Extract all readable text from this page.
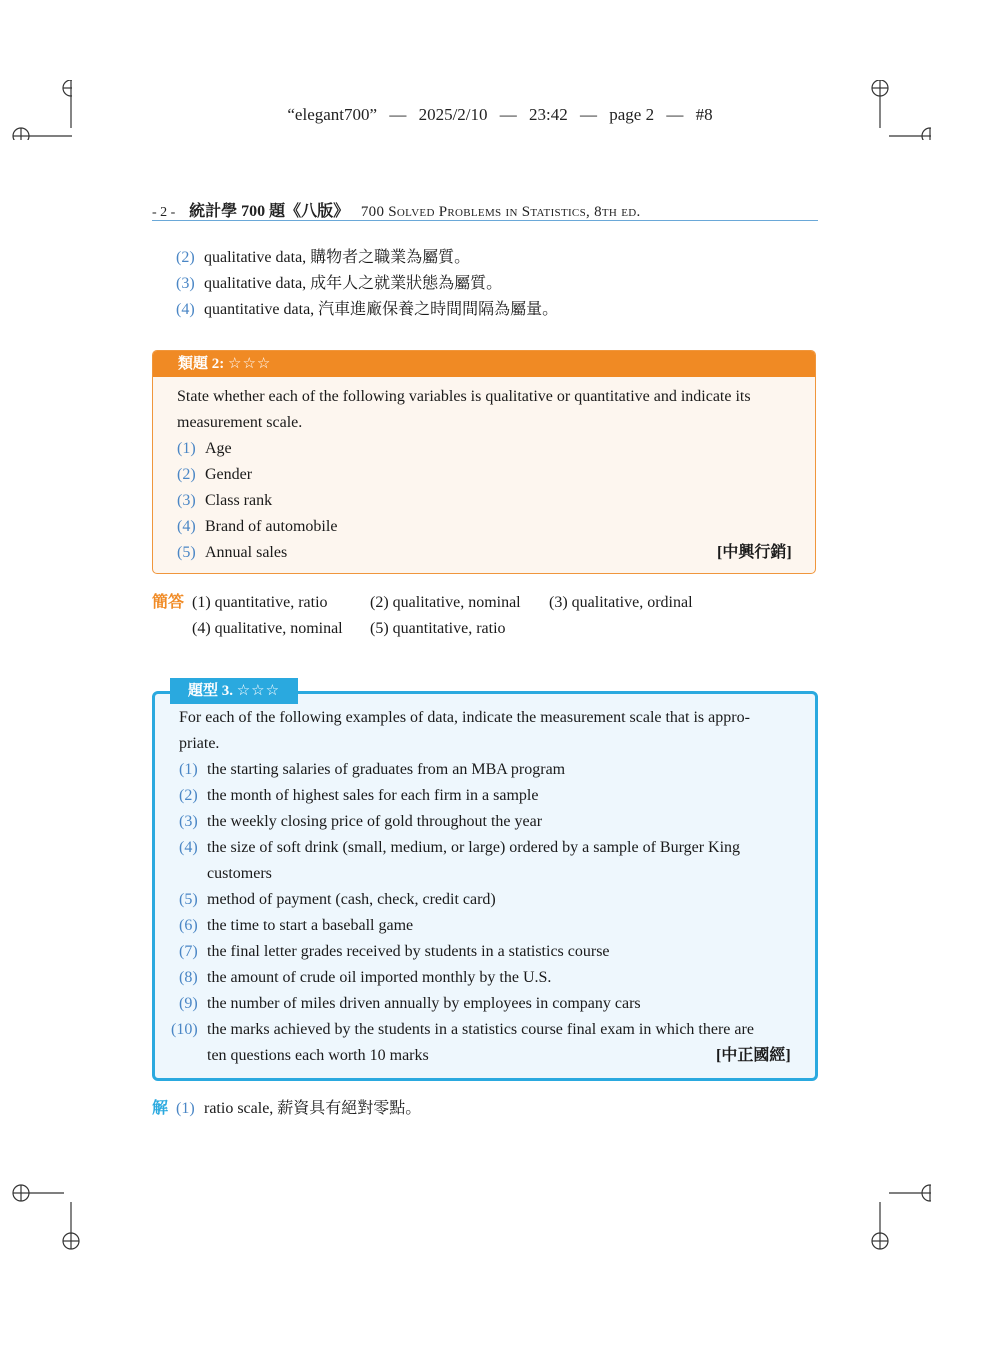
“elegant700” — 2025/2/10 — 23:42 — page 2 — #8
- 2 - 統計學 700 題《八版》 700 Solved Problems in Statistics, 8th ed.
(2) qualitative data, 購物者之職業為屬質。
(3) qualitative data, 成年人之就業狀態為屬質。
(4) quantitative data, 汽車進廠保養之時間間隔為屬量。
類題 2: ☆☆☆
State whether each of the following variables is qualitative or quantitative and indicate its
measurement scale.
(1) Age
(2) Gender
(3) Class rank
(4) Brand of automobile
(5) Annual sales	[中興行銷]
簡答 (1) quantitative, ratio	(2) qualitative, nominal (3) qualitative, ordinal
(4) qualitative, nominal (5) quantitative, ratio
題型 3. ☆☆☆
For each of the following examples of data, indicate the measurement scale that is appro-
priate.
(1) the starting salaries of graduates from an MBA program
(2) the month of highest sales for each firm in a sample
(3) the weekly closing price of gold throughout the year
(4) the size of soft drink (small, medium, or large) ordered by a sample of Burger King
customers
(5) method of payment (cash, check, credit card)
(6) the time to start a baseball game
(7) the final letter grades received by students in a statistics course
(8) the amount of crude oil imported monthly by the U.S.
(9) the number of miles driven annually by employees in company cars
(10) the marks achieved by the students in a statistics course final exam in which there are
ten questions each worth 10 marks	[中正國經]
解 (1) ratio scale, 薪資具有絕對零點。
